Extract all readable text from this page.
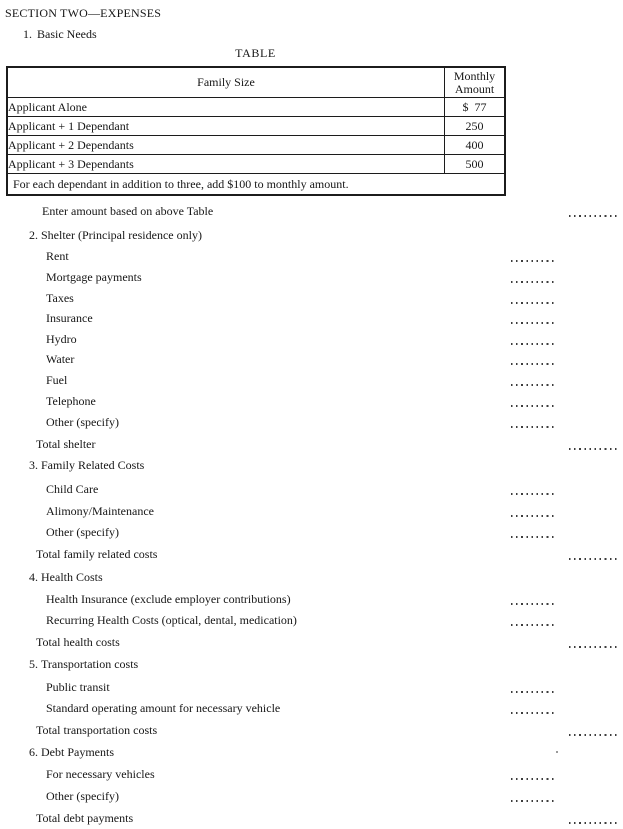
SECTION TWO—EXPENSES
1. Basic Needs
TABLE
Family Size	Monthly Amount
Applicant Alone	$  77
Applicant + 1 Dependant	250
Applicant + 2 Dependants	400
Applicant + 3 Dependants	500
For each dependant in addition to three, add $100 to monthly amount.	
Enter amount based on above Table
2. Shelter (Principal residence only)
Rent
Mortgage payments
Taxes
Insurance
Hydro
Water
Fuel
Telephone
Other (specify)
Total shelter
3. Family Related Costs
Child Care
Alimony/Maintenance
Other (specify)
Total family related costs
4. Health Costs
Health Insurance (exclude employer contributions)
Recurring Health Costs (optical, dental, medication)
Total health costs
5. Transportation costs
Public transit
Standard operating amount for necessary vehicle
Total transportation costs
6. Debt Payments
For necessary vehicles
Other (specify)
Total debt payments
